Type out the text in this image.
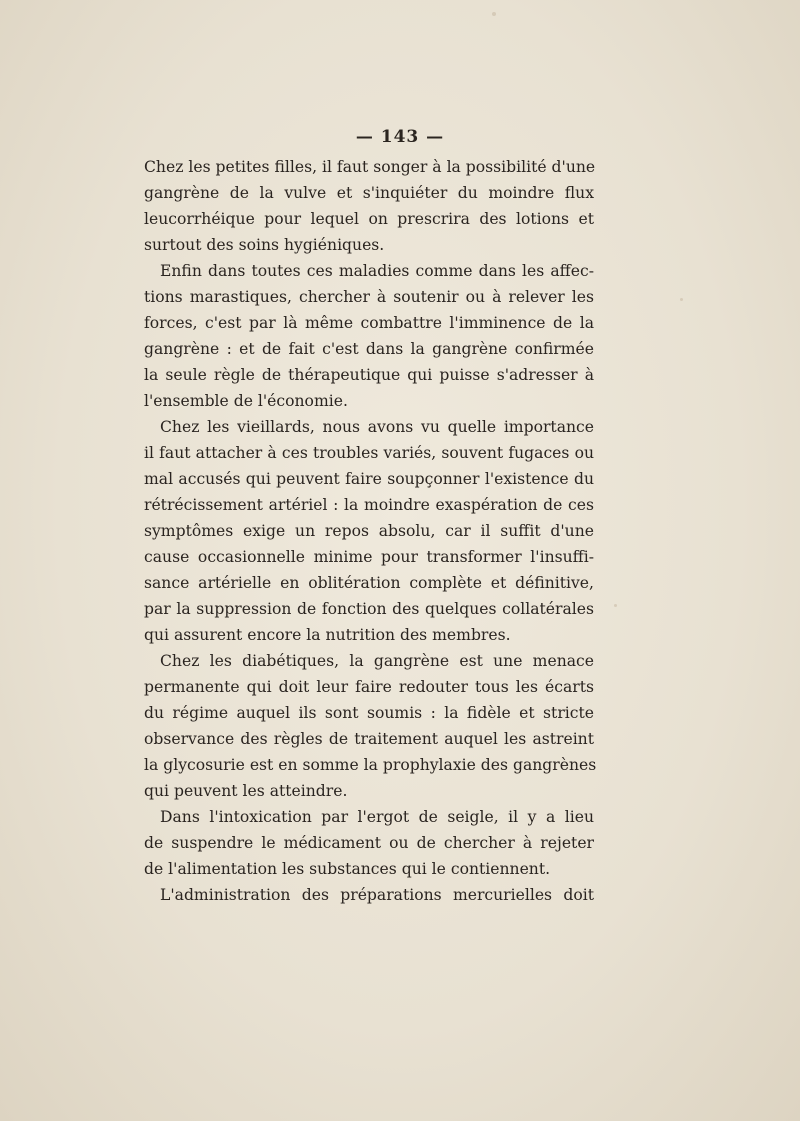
— 143 —
Chez les petites filles, il faut songer à la possibilité d'une
gangrène de la vulve et s'inquiéter du moindre flux
leucorrhéique pour lequel on prescrira des lotions et
surtout des soins hygiéniques.
Enfin dans toutes ces maladies comme dans les affec-
tions marastiques, chercher à soutenir ou à relever les
forces, c'est par là même combattre l'imminence de la
gangrène : et de fait c'est dans la gangrène confirmée
la seule règle de thérapeutique qui puisse s'adresser à
l'ensemble de l'économie.
Chez les vieillards, nous avons vu quelle importance
il faut attacher à ces troubles variés, souvent fugaces ou
mal accusés qui peuvent faire soupçonner l'existence du
rétrécissement artériel : la moindre exaspération de ces
symptômes exige un repos absolu, car il suffit d'une
cause occasionnelle minime pour transformer l'insuffi-
sance artérielle en oblitération complète et définitive,
par la suppression de fonction des quelques collatérales
qui assurent encore la nutrition des membres.
Chez les diabétiques, la gangrène est une menace
permanente qui doit leur faire redouter tous les écarts
du régime auquel ils sont soumis : la fidèle et stricte
observance des règles de traitement auquel les astreint
la glycosurie est en somme la prophylaxie des gangrènes
qui peuvent les atteindre.
Dans l'intoxication par l'ergot de seigle, il y a lieu
de suspendre le médicament ou de chercher à rejeter
de l'alimentation les substances qui le contiennent.
L'administration des préparations mercurielles doit
